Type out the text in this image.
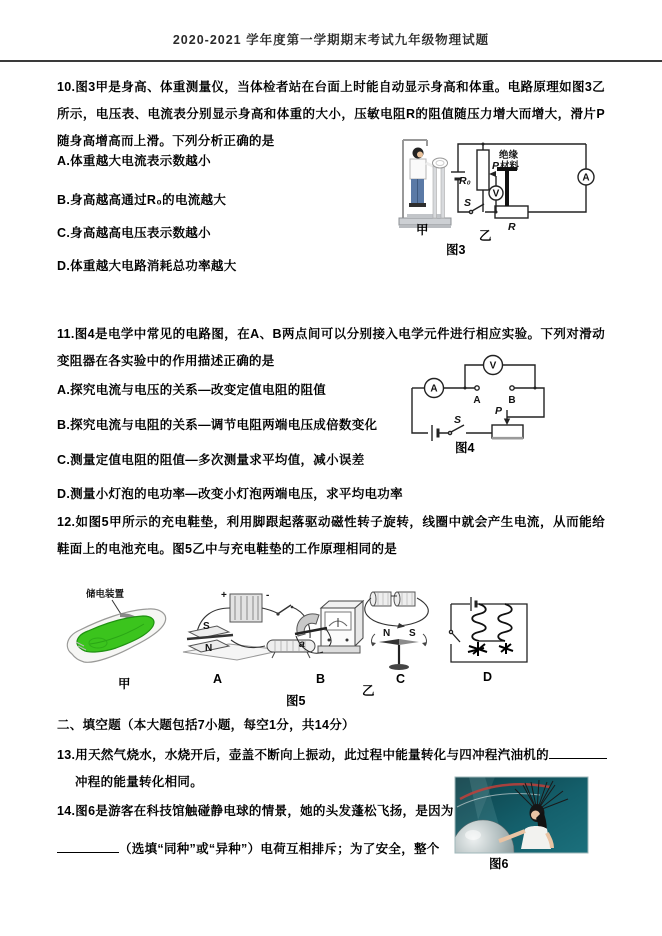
2020-2021 学年度第一学期期末考试九年级物理试题
10.图3甲是身高、体重测量仪，当体检者站在台面上时能自动显示身高和体重。电路原理如图3乙所示，电压表、电流表分别显示身高和体重的大小，压敏电阻R的阻值随压力增大而增大，滑片P随身高增高而上滑。下列分析正确的是
A.体重越大电流表示数越小
B.身高越高通过R₀的电流越大
C.身高越高电压表示数越小
D.体重越大电路消耗总功率越大
R₀
绝缘
P 材料
V
A
S
R
甲	乙
图3
11.图4是电学中常见的电路图，在A、B两点间可以分别接入电学元件进行相应实验。下列对滑动变阻器在各实验中的作用描述正确的是
A.探究电流与电压的关系—改变定值电阻的阻值
B.探究电流与电阻的关系—调节电阻两端电压成倍数变化
C.测量定值电阻的阻值—多次测量求平均值，减小误差
D.测量小灯泡的电功率—改变小灯泡两端电压，求平均电功率
V
A
A	B
S
P
图4
12.如图5甲所示的充电鞋垫，利用脚跟起落驱动磁性转子旋转，线圈中就会产生电流，从而能给鞋面上的电池充电。图5乙中与充电鞋垫的工作原理相同的是
储电装置
甲
+	-
S
N
A
a
B
N S
C
乙
D
图5
二、填空题（本大题包括7小题，每空1分，共14分）
13.用天然气烧水，水烧开后，壶盖不断向上振动，此过程中能量转化与四冲程汽油机的
冲程的能量转化相同。
14.图6是游客在科技馆触碰静电球的情景，她的头发蓬松飞扬，是因为
（选填“同种”或“异种”）电荷互相排斥；为了安全，整个
图6
